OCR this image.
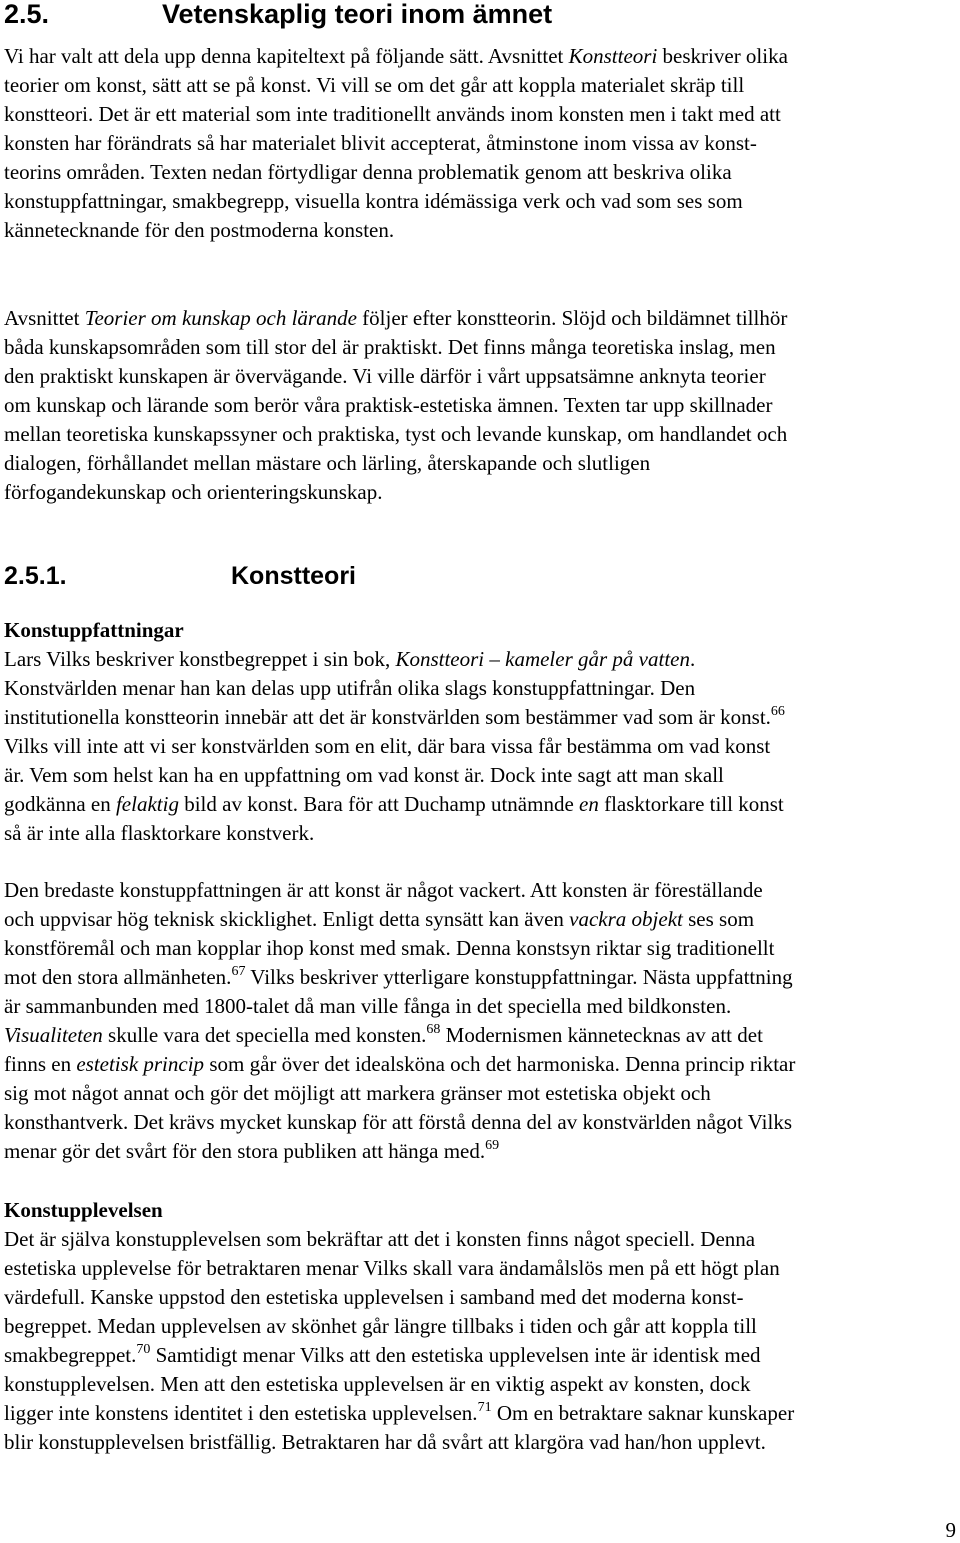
2.5.	Vetenskaplig teori inom ämnet
Vi har valt att dela upp denna kapiteltext på följande sätt. Avsnittet Konstteori beskriver olika
teorier om konst, sätt att se på konst. Vi vill se om det går att koppla materialet skräp till
konstteori. Det är ett material som inte traditionellt används inom konsten men i takt med att
konsten har förändrats så har materialet blivit accepterat, åtminstone inom vissa av konst-
teorins områden. Texten nedan förtydligar denna problematik genom att beskriva olika
konstuppfattningar, smakbegrepp, visuella kontra idémässiga verk och vad som ses som
kännetecknande för den postmoderna konsten.
Avsnittet Teorier om kunskap och lärande följer efter konstteorin. Slöjd och bildämnet tillhör
båda kunskapsområden som till stor del är praktiskt. Det finns många teoretiska inslag, men
den praktiskt kunskapen är övervägande. Vi ville därför i vårt uppsatsämne anknyta teorier
om kunskap och lärande som berör våra praktisk-estetiska ämnen. Texten tar upp skillnader
mellan teoretiska kunskapssyner och praktiska, tyst och levande kunskap, om handlandet och
dialogen, förhållandet mellan mästare och lärling, återskapande och slutligen
förfogandekunskap och orienteringskunskap.
2.5.1.	Konstteori
Konstuppfattningar
Lars Vilks beskriver konstbegreppet i sin bok, Konstteori – kameler går på vatten.
Konstvärlden menar han kan delas upp utifrån olika slags konstuppfattningar. Den
institutionella konstteorin innebär att det är konstvärlden som bestämmer vad som är konst.$^{66}$
Vilks vill inte att vi ser konstvärlden som en elit, där bara vissa får bestämma om vad konst
är. Vem som helst kan ha en uppfattning om vad konst är. Dock inte sagt att man skall
godkänna en felaktig bild av konst. Bara för att Duchamp utnämnde en flasktorkare till konst
så är inte alla flasktorkare konstverk.
Den bredaste konstuppfattningen är att konst är något vackert. Att konsten är föreställande
och uppvisar hög teknisk skicklighet. Enligt detta synsätt kan även vackra objekt ses som
konstföremål och man kopplar ihop konst med smak. Denna konstsyn riktar sig traditionellt
mot den stora allmänheten.$^{67}$ Vilks beskriver ytterligare konstuppfattningar. Nästa uppfattning
är sammanbunden med 1800-talet då man ville fånga in det speciella med bildkonsten.
Visualiteten skulle vara det speciella med konsten.$^{68}$ Modernismen kännetecknas av att det
finns en estetisk princip som går över det idealsköna och det harmoniska. Denna princip riktar
sig mot något annat och gör det möjligt att markera gränser mot estetiska objekt och
konsthantverk. Det krävs mycket kunskap för att förstå denna del av konstvärlden något Vilks
menar gör det svårt för den stora publiken att hänga med.$^{69}$
Konstupplevelsen
Det är själva konstupplevelsen som bekräftar att det i konsten finns något speciell. Denna
estetiska upplevelse för betraktaren menar Vilks skall vara ändamålslös men på ett högt plan
värdefull. Kanske uppstod den estetiska upplevelsen i samband med det moderna konst-
begreppet. Medan upplevelsen av skönhet går längre tillbaks i tiden och går att koppla till
smakbegreppet.$^{70}$ Samtidigt menar Vilks att den estetiska upplevelsen inte är identisk med
konstupplevelsen. Men att den estetiska upplevelsen är en viktig aspekt av konsten, dock
ligger inte konstens identitet i den estetiska upplevelsen.$^{71}$ Om en betraktare saknar kunskaper
blir konstupplevelsen bristfällig. Betraktaren har då svårt att klargöra vad han/hon upplevt.

9
